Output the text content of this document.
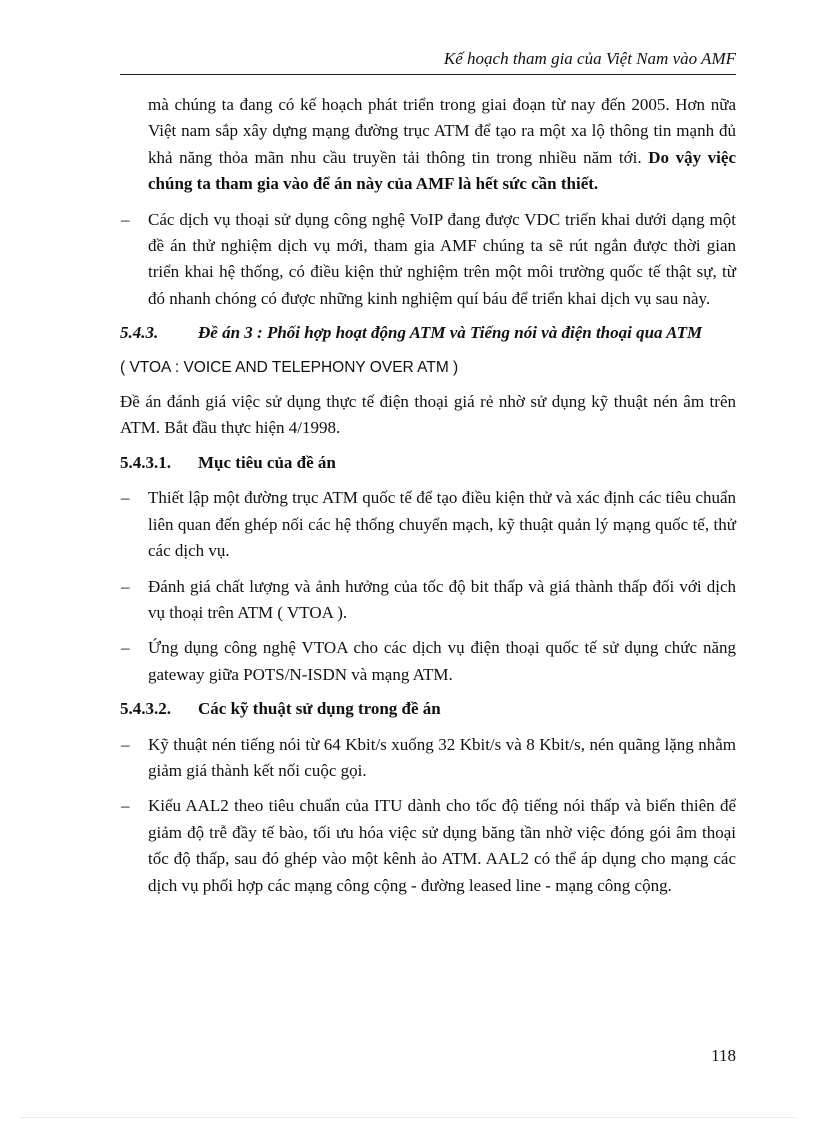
Kế hoạch tham gia của Việt Nam vào AMF

mà chúng ta đang có kế hoạch phát triển trong giai đoạn từ nay đến 2005. Hơn nữa Việt nam sắp xây dựng mạng đường trục ATM để tạo ra một xa lộ thông tin mạnh đủ khả năng thỏa mãn nhu cầu truyền tải thông tin trong nhiều năm tới. Do vậy việc chúng ta tham gia vào để án này của AMF là hết sức cần thiết.

– Các dịch vụ thoại sử dụng công nghệ VoIP đang được VDC triển khai dưới dạng một đề án thử nghiệm dịch vụ mới, tham gia AMF chúng ta sẽ rút ngắn được thời gian triển khai hệ thống, có điều kiện thử nghiệm trên một môi trường quốc tế thật sự, từ đó nhanh chóng có được những kinh nghiệm quí báu để triển khai dịch vụ sau này.

5.4.3. Đề án 3 : Phối hợp hoạt động ATM và Tiếng nói và điện thoại qua ATM

( VTOA : VOICE AND TELEPHONY OVER ATM )

Đề án đánh giá việc sử dụng thực tế điện thoại giá rẻ nhờ sử dụng kỹ thuật nén âm trên ATM. Bắt đầu thực hiện 4/1998.

5.4.3.1. Mục tiêu của đề án

– Thiết lập một đường trục ATM quốc tế để tạo điều kiện thử và xác định các tiêu chuẩn liên quan đến ghép nối các hệ thống chuyển mạch, kỹ thuật quản lý mạng quốc tế, thử các dịch vụ.

– Đánh giá chất lượng và ảnh hưởng của tốc độ bit thấp và giá thành thấp đối với dịch vụ thoại trên ATM ( VTOA ).

– Ứng dụng công nghệ VTOA cho các dịch vụ điện thoại quốc tế sử dụng chức năng gateway giữa POTS/N-ISDN và mạng ATM.

5.4.3.2. Các kỹ thuật sử dụng trong đề án

– Kỹ thuật nén tiếng nói từ 64 Kbit/s xuống 32 Kbit/s và 8 Kbit/s, nén quãng lặng nhằm giảm giá thành kết nối cuộc gọi.

– Kiểu AAL2 theo tiêu chuẩn của ITU dành cho tốc độ tiếng nói thấp và biến thiên để giảm độ trễ đầy tế bào, tối ưu hóa việc sử dụng băng tần nhờ việc đóng gói âm thoại tốc độ thấp, sau đó ghép vào một kênh ảo ATM. AAL2 có thể áp dụng cho mạng các dịch vụ phối hợp các mạng công cộng - đường leased line - mạng công cộng.

118
